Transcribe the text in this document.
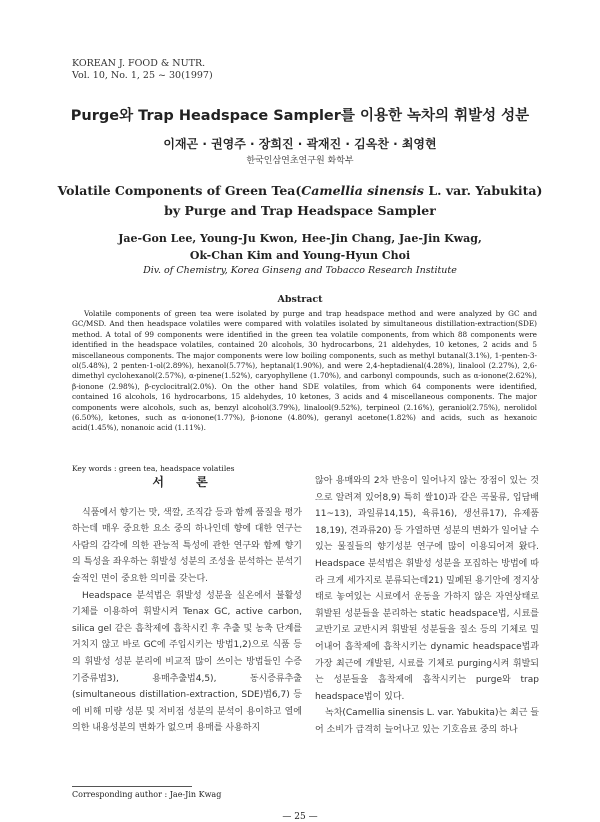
KOREAN J. FOOD & NUTR.
Vol. 10, No. 1, 25 ~ 30(1997)
Purge와 Trap Headspace Sampler를 이용한 녹차의 휘발성 성분
이재곤 · 권영주 · 장희진 · 곽재진 · 김옥찬 · 최영현
한국인삼연초연구원 화학부
Volatile Components of Green Tea(Camellia sinensis L. var. Yabukita)
by Purge and Trap Headspace Sampler
Jae-Gon Lee, Young-Ju Kwon, Hee-Jin Chang, Jae-Jin Kwag,
Ok-Chan Kim and Young-Hyun Choi
Div. of Chemistry, Korea Ginseng and Tobacco Research Institute
Abstract

Volatile components of green tea were isolated by purge and trap headspace method and were analyzed by GC and GC/MSD. And then headspace volatiles were compared with volatiles isolated by simultaneous distillation-extraction(SDE) method. A total of 99 components were identified in the green tea volatile components, from which 88 components were identified in the headspace volatiles, contained 20 alcohols, 30 hydrocarbons, 21 aldehydes, 10 ketones, 2 acids and 5 miscellaneous components. The major components were low boiling components, such as methyl butanal(3.1%), 1-penten-3-ol(5.48%), 2 penten-1-ol(2.89%), hexanol(5.77%), heptanal(1.90%), and were 2,4-heptadienal(4.28%), linalool (2.27%), 2,6-dimethyl cyclohexanol(2.57%), α-pinene(1.52%), caryophyllene (1.70%), and carbonyl compounds, such as α-ionone(2.62%), β-ionone (2.98%), β-cyclocitral(2.0%). On the other hand SDE volatiles, from which 64 components were identified, contained 16 alcohols, 16 hydrocarbons, 15 aldehydes, 10 ketones, 3 acids and 4 miscellaneous components. The major components were alcohols, such as, benzyl alcohol(3.79%), linalool(9.52%), terpineol (2.16%), geraniol(2.75%), nerolidol (6.50%), ketones, such as α-ionone(1.77%), β-ionone (4.80%), geranyl acetone(1.82%) and acids, such as hexanoic acid(1.45%), nonanoic acid (1.11%).

Key words : green tea, headspace volatiles
서 론

식품에서 향기는 맛, 색깔, 조직감 등과 함께 품질을 평가하는데 매우 중요한 요소 중의 하나인데 향에 대한 연구는 사람의 감각에 의한 관능적 특성에 관한 연구와 함께 향기의 특성을 좌우하는 휘발성 성분의 조성을 분석하는 분석기술적인 면이 중요한 의미를 갖는다.

Headspace 분석법은 휘발성 성분을 실온에서 불활성 기체를 이용하여 휘발시켜 Tenax GC, active carbon, silica gel 같은 흡착제에 흡착시킨 후 추출 및 농축 단계를 거치지 않고 바로 GC에 주입시키는 방법1,2)으로 식품 등의 휘발성 성분 분리에 비교적 많이 쓰이는 방법들인 수증기증류법3), 용매추출법4,5), 동시증류추출(simultaneous distillation-extraction, SDE)법6,7) 등에 비해 미량 성분 및 저비점 성분의 분석이 용이하고 열에 의한 내용성분의 변화가 없으며 용매를 사용하지

않아 용매와의 2차 반응이 일어나지 않는 장점이 있는 것으로 알려져 있어8,9) 특히 쌀10)과 같은 곡물류, 입담배11~13), 과일류14,15), 육류16), 생선류17), 유제품18,19), 견과류20) 등 가열하면 성분의 변화가 일어날 수 있는 물질들의 향기성분 연구에 많이 이용되어져 왔다. Headspace 분석법은 휘발성 성분을 포집하는 방법에 따라 크게 세가지로 분류되는데21) 밀폐된 용기안에 정지상태로 놓여있는 시료에서 운동을 가하지 않은 자연상태로 휘발된 성분들을 분리하는 static headspace법, 시료를 교반기로 교반시켜 휘발된 성분들을 질소 등의 기체로 밀어내어 흡착제에 흡착시키는 dynamic headspace법과 가장 최근에 개발된, 시료를 기체로 purging시켜 휘발되는 성분들을 흡착제에 흡착시키는 purge와 trap headspace법이 있다.

녹차(Camellia sinensis L. var. Yabukita)는 최근 들어 소비가 급격히 늘어나고 있는 기호음료 중의 하나

Corresponding author : Jae-Jin Kwag
— 25 —
